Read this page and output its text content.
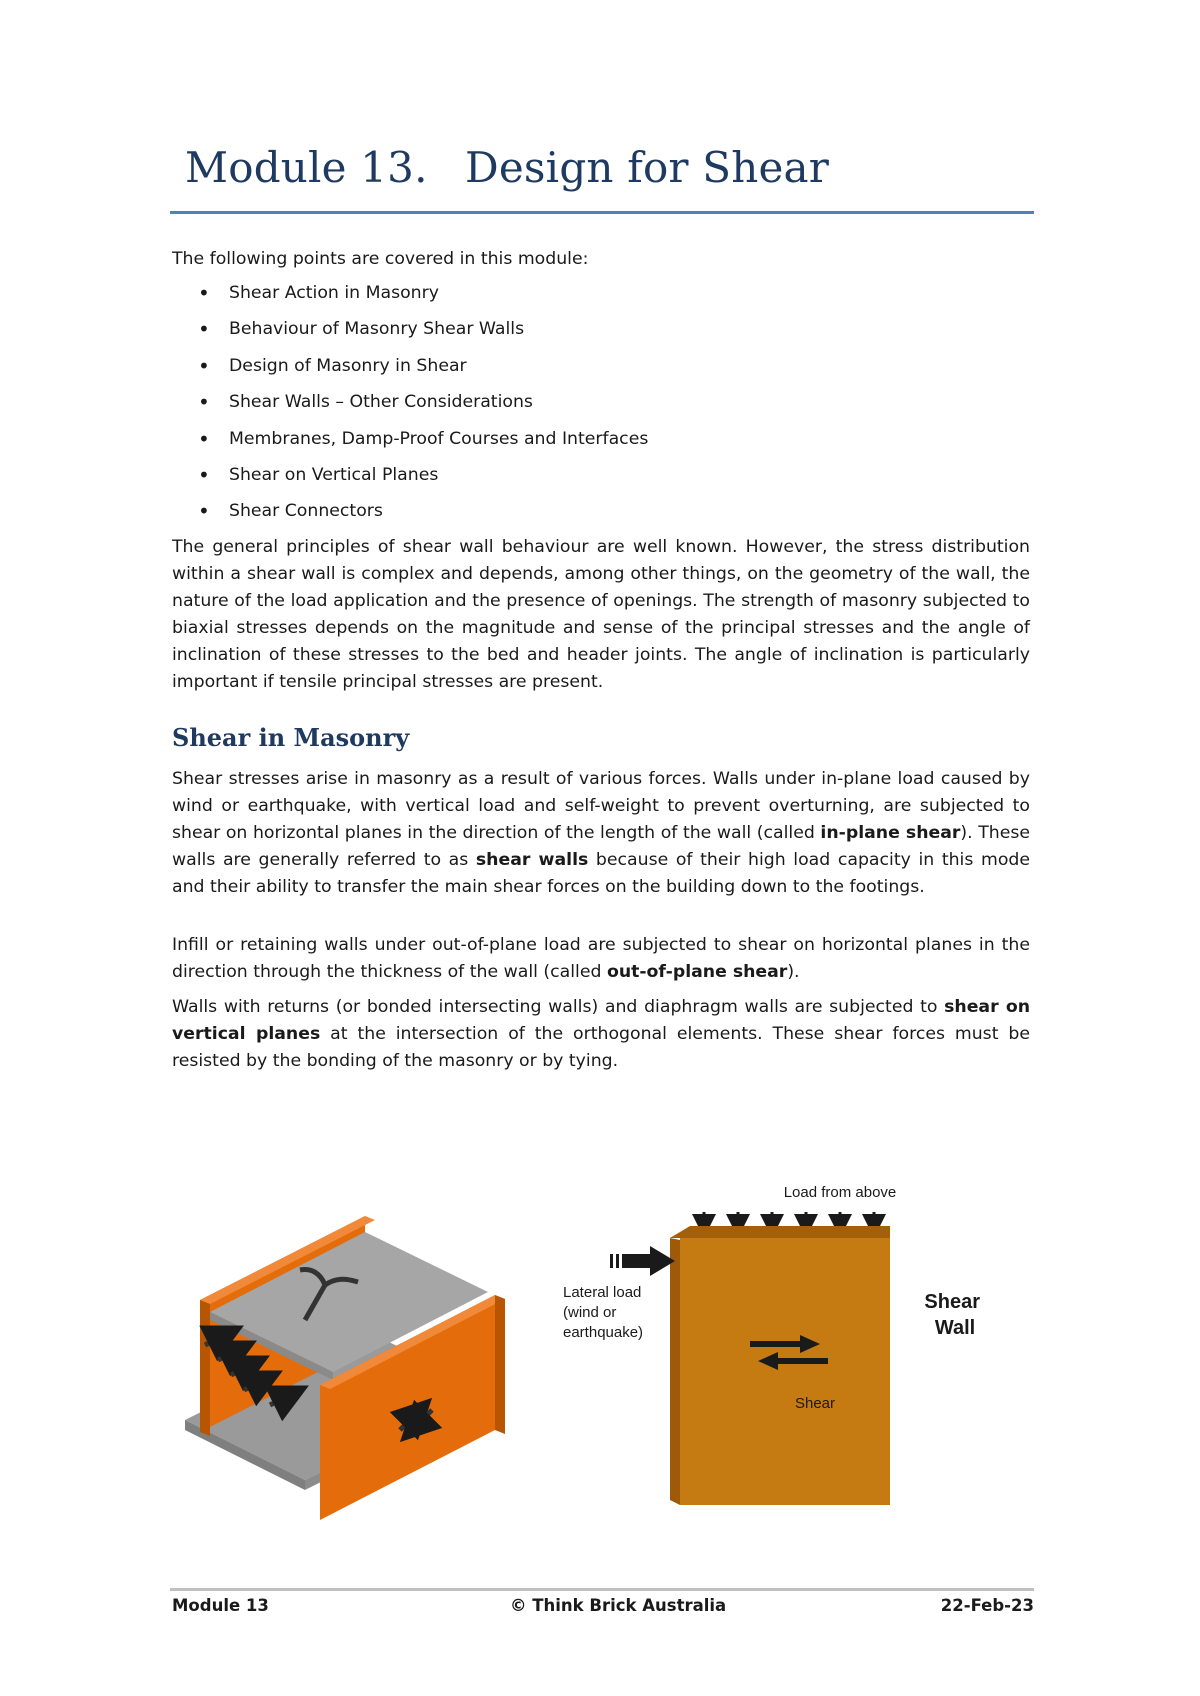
Module 13. Design for Shear

The following points are covered in this module:

• Shear Action in Masonry
• Behaviour of Masonry Shear Walls
• Design of Masonry in Shear
• Shear Walls – Other Considerations
• Membranes, Damp-Proof Courses and Interfaces
• Shear on Vertical Planes
• Shear Connectors

The general principles of shear wall behaviour are well known. However, the stress distribution within a shear wall is complex and depends, among other things, on the geometry of the wall, the nature of the load application and the presence of openings. The strength of masonry subjected to biaxial stresses depends on the magnitude and sense of the principal stresses and the angle of inclination of these stresses to the bed and header joints. The angle of inclination is particularly important if tensile principal stresses are present.

Shear in Masonry

Shear stresses arise in masonry as a result of various forces. Walls under in-plane load caused by wind or earthquake, with vertical load and self-weight to prevent overturning, are subjected to shear on horizontal planes in the direction of the length of the wall (called in-plane shear). These walls are generally referred to as shear walls because of their high load capacity in this mode and their ability to transfer the main shear forces on the building down to the footings.

Infill or retaining walls under out-of-plane load are subjected to shear on horizontal planes in the direction through the thickness of the wall (called out-of-plane shear).

Walls with returns (or bonded intersecting walls) and diaphragm walls are subjected to shear on vertical planes at the intersection of the orthogonal elements. These shear forces must be resisted by the bonding of the masonry or by tying.

Load from above
Lateral load (wind or earthquake)
Shear
Shear Wall
Module 13	© Think Brick Australia	22-Feb-23
